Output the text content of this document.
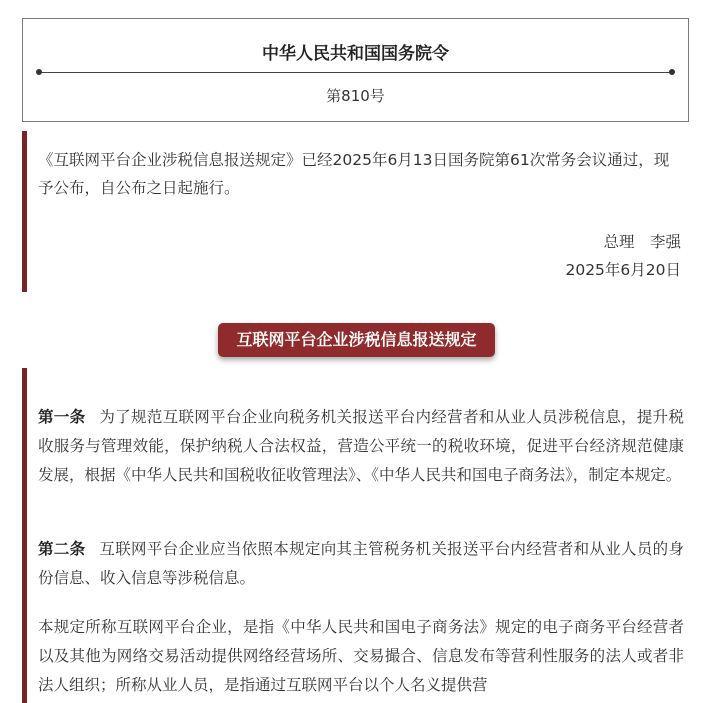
中华人民共和国国务院令
第810号
《互联网平台企业涉税信息报送规定》已经2025年6月13日国务院第61次常务会议通过，现予公布，自公布之日起施行。
总理　李强
2025年6月20日
互联网平台企业涉税信息报送规定
第一条 为了规范互联网平台企业向税务机关报送平台内经营者和从业人员涉税信息，提升税收服务与管理效能，保护纳税人合法权益，营造公平统一的税收环境，促进平台经济规范健康发展，根据《中华人民共和国税收征收管理法》、《中华人民共和国电子商务法》，制定本规定。
第二条 互联网平台企业应当依照本规定向其主管税务机关报送平台内经营者和从业人员的身份信息、收入信息等涉税信息。
本规定所称互联网平台企业，是指《中华人民共和国电子商务法》规定的电子商务平台经营者以及其他为网络交易活动提供网络经营场所、交易撮合、信息发布等营利性服务的法人或者非法人组织；所称从业人员，是指通过互联网平台以个人名义提供营
